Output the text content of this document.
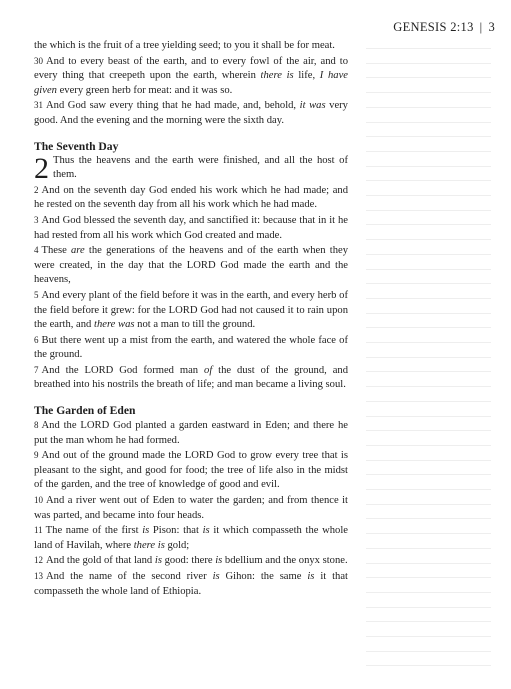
GENESIS 2:13 | 3

the which is the fruit of a tree yielding seed; to you it shall be for meat.

30 And to every beast of the earth, and to every fowl of the air, and to every thing that creepeth upon the earth, wherein there is life, I have given every green herb for meat: and it was so.

31 And God saw every thing that he had made, and, behold, it was very good. And the evening and the morning were the sixth day.

The Seventh Day

2 Thus the heavens and the earth were finished, and all the host of them.

2 And on the seventh day God ended his work which he had made; and he rested on the seventh day from all his work which he had made.

3 And God blessed the seventh day, and sanctified it: because that in it he had rested from all his work which God created and made.

4 These are the generations of the heavens and of the earth when they were created, in the day that the LORD God made the earth and the heavens,

5 And every plant of the field before it was in the earth, and every herb of the field before it grew: for the LORD God had not caused it to rain upon the earth, and there was not a man to till the ground.

6 But there went up a mist from the earth, and watered the whole face of the ground.

7 And the LORD God formed man of the dust of the ground, and breathed into his nostrils the breath of life; and man became a living soul.

The Garden of Eden

8 And the LORD God planted a garden eastward in Eden; and there he put the man whom he had formed.

9 And out of the ground made the LORD God to grow every tree that is pleasant to the sight, and good for food; the tree of life also in the midst of the garden, and the tree of knowledge of good and evil.

10 And a river went out of Eden to water the garden; and from thence it was parted, and became into four heads.

11 The name of the first is Pison: that is it which compasseth the whole land of Havilah, where there is gold;

12 And the gold of that land is good: there is bdellium and the onyx stone.

13 And the name of the second river is Gihon: the same is it that compasseth the whole land of Ethiopia.
